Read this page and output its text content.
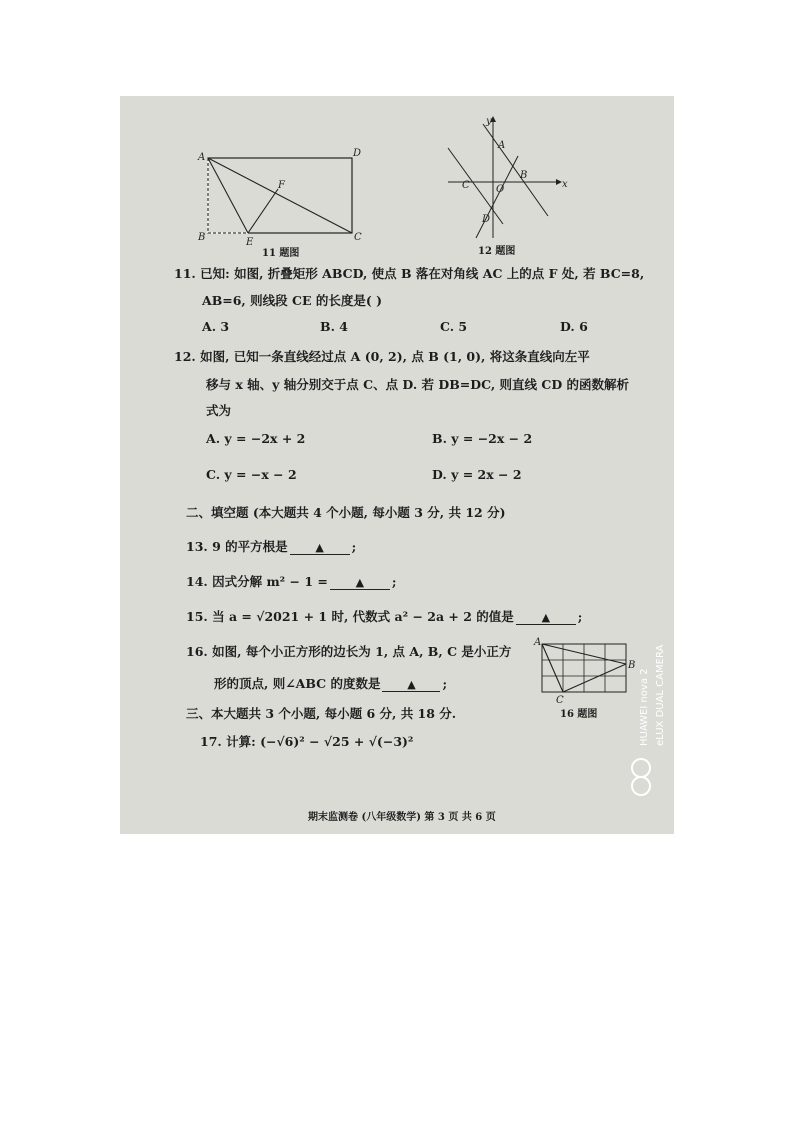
A	D
F
B	E	C
11 题图
y
A
C	O
B
x
D
12 题图
11. 已知: 如图, 折叠矩形 ABCD, 使点 B 落在对角线 AC 上的点 F 处, 若 BC=8,
AB=6, 则线段 CE 的长度是( )
A. 3	B. 4	C. 5	D. 6
12. 如图, 已知一条直线经过点 A (0, 2), 点 B (1, 0), 将这条直线向左平
移与 x 轴、y 轴分别交于点 C、点 D. 若 DB=DC, 则直线 CD 的函数解析
式为
A. y = −2x + 2	B. y = −2x − 2
C. y = −x − 2	D. y = 2x − 2
二、填空题 (本大题共 4 个小题, 每小题 3 分, 共 12 分)
13. 9 的平方根是	▲ ;
14. 因式分解 m² − 1 =	▲ ;
15. 当 a = √2021 + 1 时, 代数式 a² − 2a + 2 的值是	▲ ;
16. 如图, 每个小正方形的边长为 1, 点 A, B, C 是小正方
形的顶点, 则∠ABC 的度数是 ▲ ;
A
B
C
16 题图
三、本大题共 3 个小题, 每小题 6 分, 共 18 分.
17. 计算: (−√6)² − √25 + √(−3)²
期末监测卷 (八年级数学) 第 3 页 共 6 页
HUAWEI nova 2 eLUX DUAL CAMERA
